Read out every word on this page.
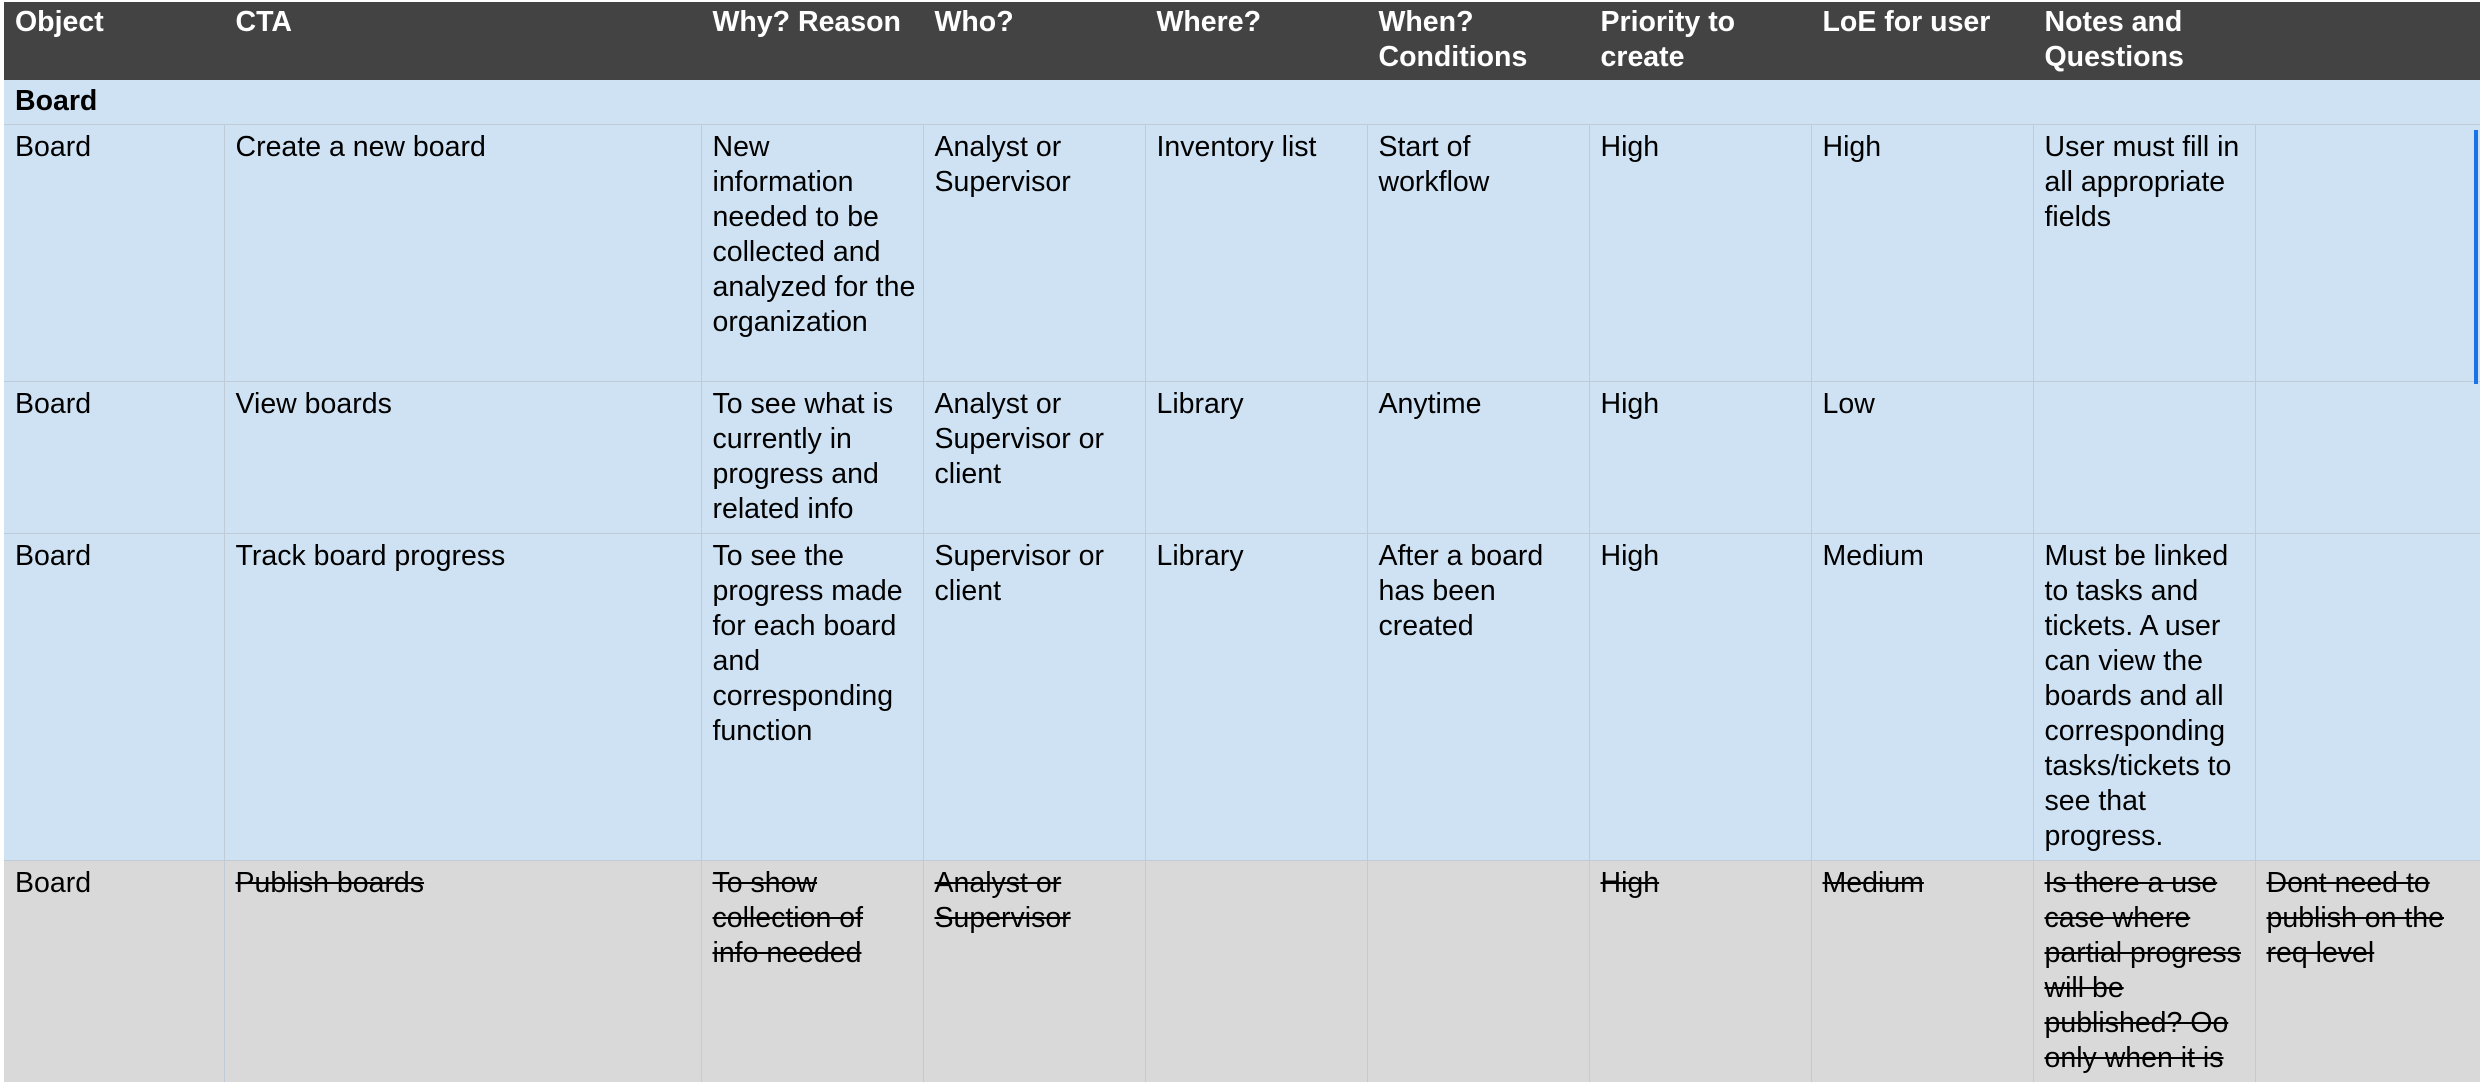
Object	CTA	Why? Reason	Who?	Where?	When? Conditions	Priority to create	LoE for user	Notes and Questions	
Board									
Board	Create a new board	New information needed to be collected and analyzed for the organization	Analyst or Supervisor	Inventory list	Start of workflow	High	High	User must fill in all appropriate fields	
Board	View boards	To see what is currently in progress and related info	Analyst or Supervisor or client	Library	Anytime	High	Low		
Board	Track board progress	To see the progress made for each board and corresponding function	Supervisor or client	Library	After a board has been created	High	Medium	Must be linked to tasks and tickets. A user can view the boards and all corresponding tasks/tickets to see that progress.	
Board	Publish boards	To show collection of info needed	Analyst or Supervisor			High	Medium	Is there a use case where partial progress will be published? Oo only when it is	Dont need to publish on the req level
